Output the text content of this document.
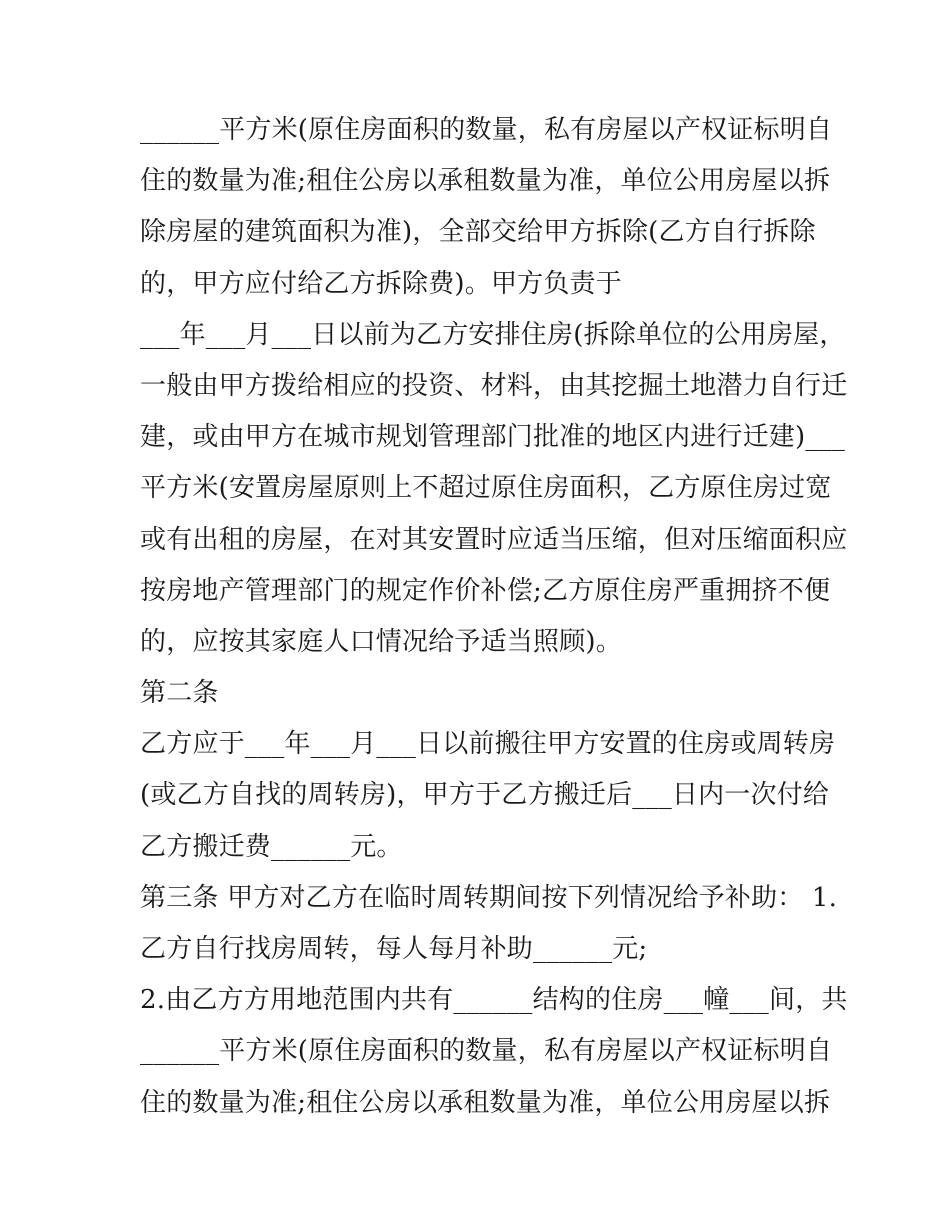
______平方米(原住房面积的数量，私有房屋以产权证标明自
住的数量为准;租住公房以承租数量为准，单位公用房屋以拆
除房屋的建筑面积为准)，全部交给甲方拆除(乙方自行拆除
的，甲方应付给乙方拆除费)。甲方负责于
___年___月___日以前为乙方安排住房(拆除单位的公用房屋，
一般由甲方拨给相应的投资、材料，由其挖掘土地潜力自行迁
建，或由甲方在城市规划管理部门批准的地区内进行迁建)___
平方米(安置房屋原则上不超过原住房面积，乙方原住房过宽
或有出租的房屋，在对其安置时应适当压缩，但对压缩面积应
按房地产管理部门的规定作价补偿;乙方原住房严重拥挤不便
的，应按其家庭人口情况给予适当照顾)。
第二条
乙方应于___年___月___日以前搬往甲方安置的住房或周转房
(或乙方自找的周转房)，甲方于乙方搬迁后___日内一次付给
乙方搬迁费______元。
第三条 甲方对乙方在临时周转期间按下列情况给予补助： 1.
乙方自行找房周转，每人每月补助______元;
2.由乙方方用地范围内共有______结构的住房___幢___间，共
______平方米(原住房面积的数量，私有房屋以产权证标明自
住的数量为准;租住公房以承租数量为准，单位公用房屋以拆
